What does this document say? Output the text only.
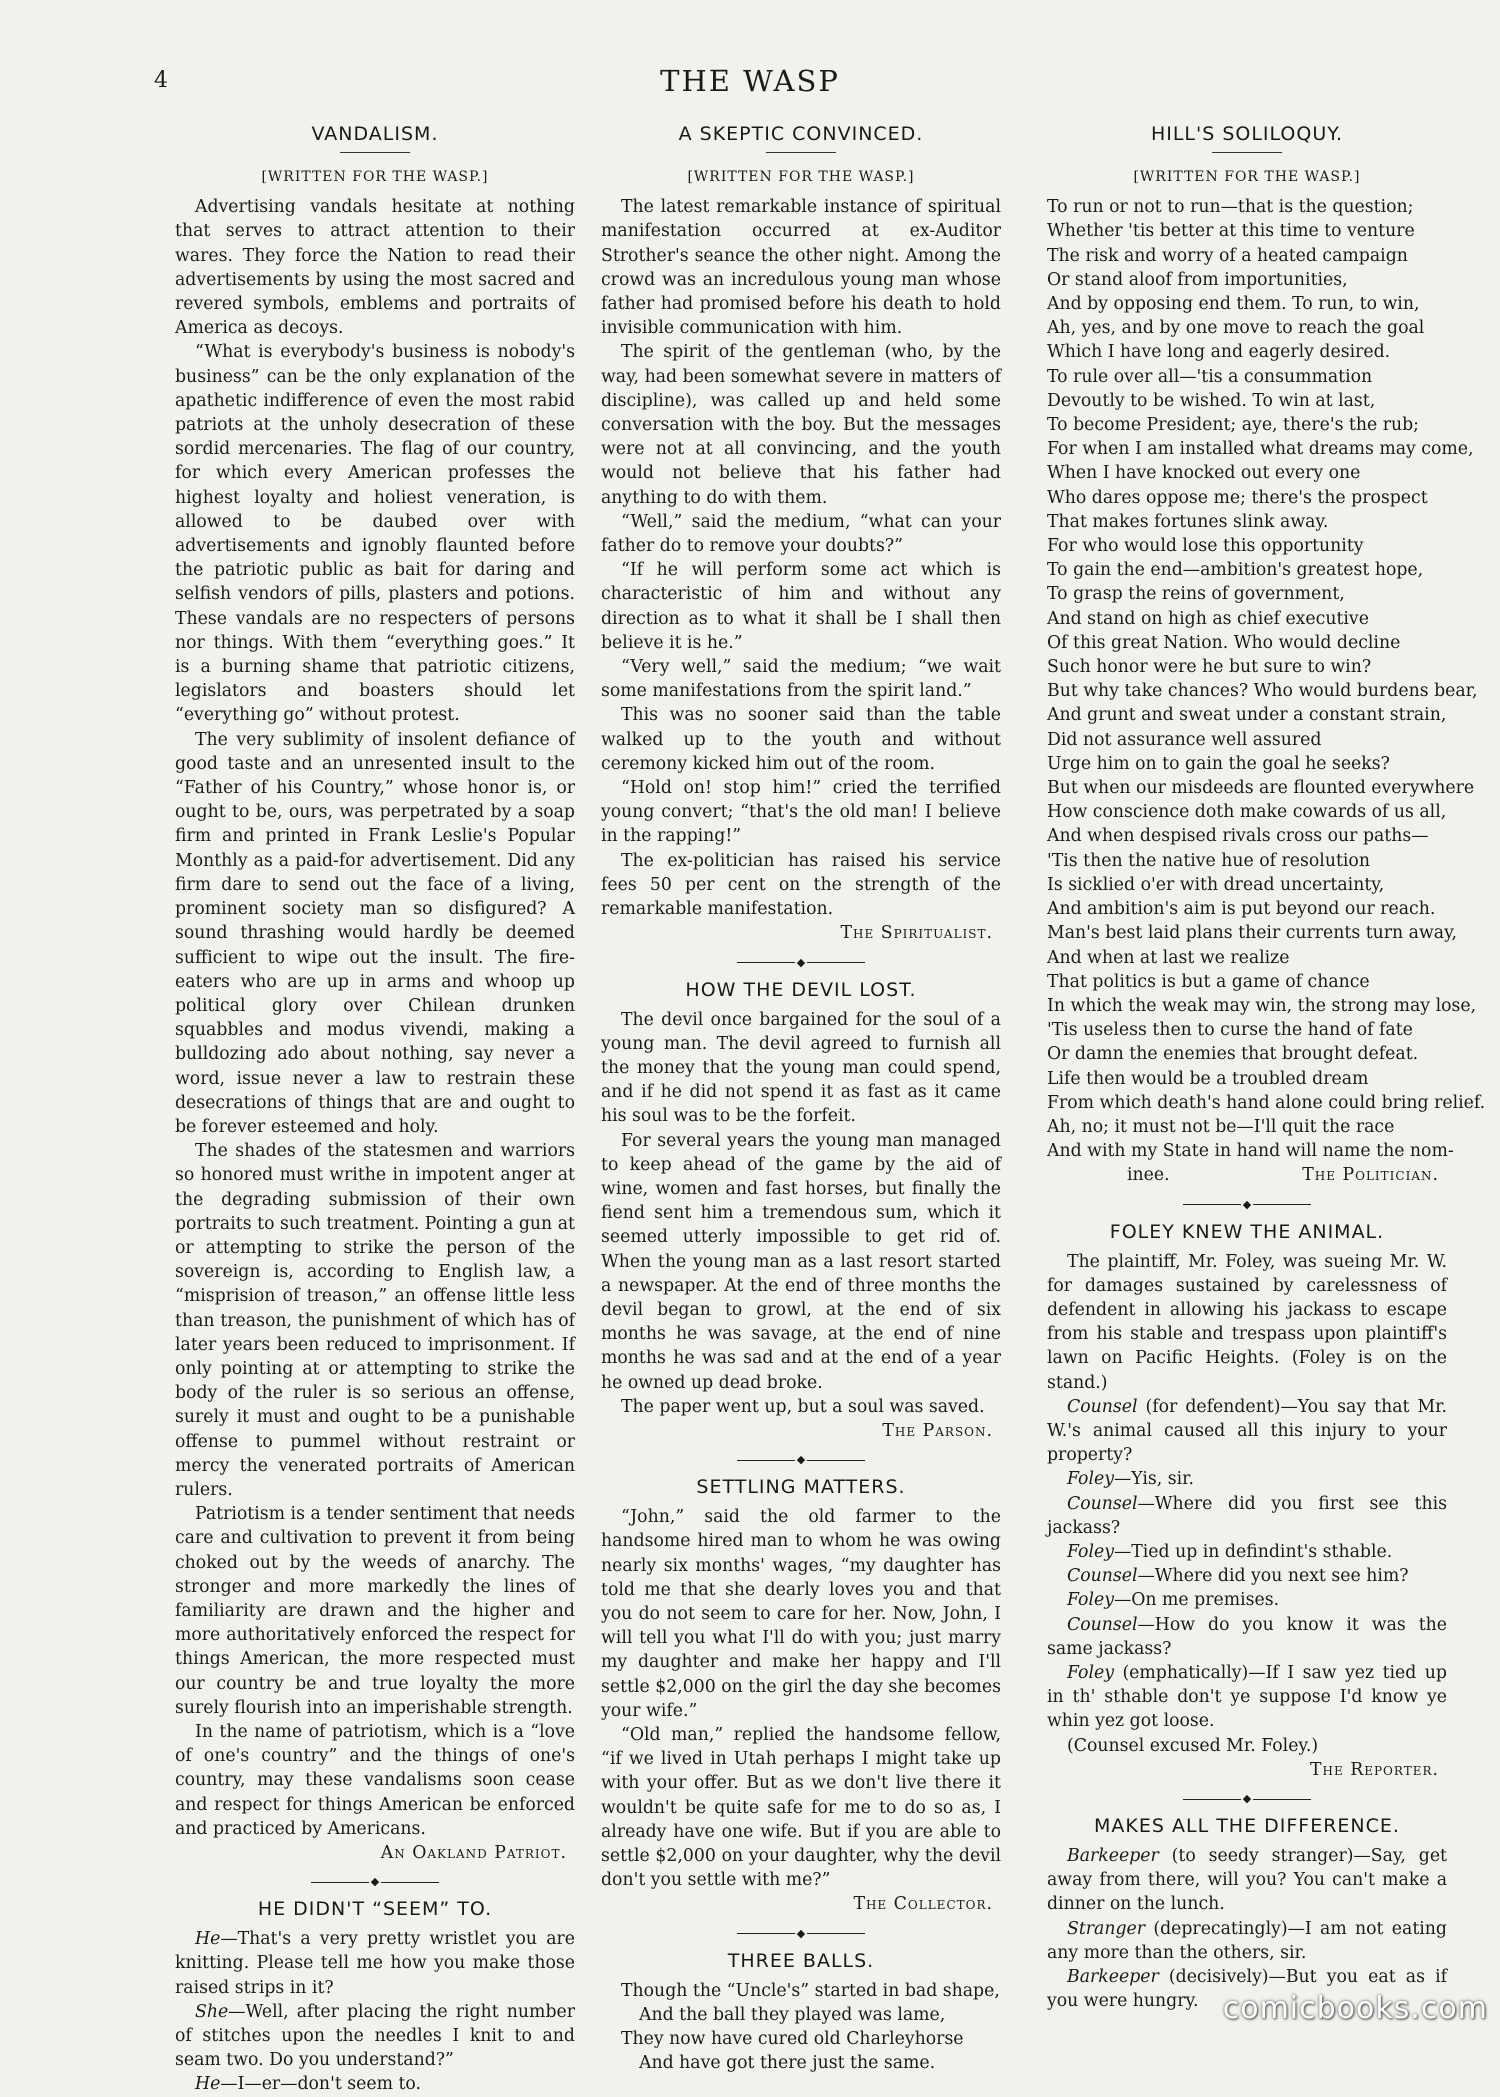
4	THE WASP
VANDALISM.
[WRITTEN FOR THE WASP.]

Advertising vandals hesitate at nothing that serves to attract attention to their wares. They force the Nation to read their advertisements by using the most sacred and revered symbols, emblems and portraits of America as decoys.

“What is everybody's business is nobody's business” can be the only explanation of the apathetic indifference of even the most rabid patriots at the unholy desecration of these sordid mercenaries. The flag of our country, for which every American professes the highest loyalty and holiest veneration, is allowed to be daubed over with advertisements and ignobly flaunted before the patriotic public as bait for daring and selfish vendors of pills, plasters and potions. These vandals are no respecters of persons nor things. With them “everything goes.” It is a burning shame that patriotic citizens, legislators and boasters should let “everything go” without protest.

The very sublimity of insolent defiance of good taste and an unresented insult to the “Father of his Country,” whose honor is, or ought to be, ours, was perpetrated by a soap firm and printed in Frank Leslie's Popular Monthly as a paid-for advertisement. Did any firm dare to send out the face of a living, prominent society man so disfigured? A sound thrashing would hardly be deemed sufficient to wipe out the insult. The fire-eaters who are up in arms and whoop up political glory over Chilean drunken squabbles and modus vivendi, making a bulldozing ado about nothing, say never a word, issue never a law to restrain these desecrations of things that are and ought to be forever esteemed and holy.

The shades of the statesmen and warriors so honored must writhe in impotent anger at the degrading submission of their own portraits to such treatment. Pointing a gun at or attempting to strike the person of the sovereign is, according to English law, a “misprision of treason,” an offense little less than treason, the punishment of which has of later years been reduced to imprisonment. If only pointing at or attempting to strike the body of the ruler is so serious an offense, surely it must and ought to be a punishable offense to pummel without restraint or mercy the venerated portraits of American rulers.

Patriotism is a tender sentiment that needs care and cultivation to prevent it from being choked out by the weeds of anarchy. The stronger and more markedly the lines of familiarity are drawn and the higher and more authoritatively enforced the respect for things American, the more respected must our country be and true loyalty the more surely flourish into an imperishable strength.

In the name of patriotism, which is a “love of one's country” and the things of one's country, may these vandalisms soon cease and respect for things American be enforced and practiced by Americans.

An Oakland Patriot.
◆
HE DIDN'T “SEEM” TO.

He—That's a very pretty wristlet you are knitting. Please tell me how you make those raised strips in it?

She—Well, after placing the right number of stitches upon the needles I knit to and seam two. Do you understand?”

He—I—er—don't seem to.

A SKEPTIC CONVINCED.
[WRITTEN FOR THE WASP.]

The latest remarkable instance of spiritual manifestation occurred at ex-Auditor Strother's seance the other night. Among the crowd was an incredulous young man whose father had promised before his death to hold invisible communication with him.

The spirit of the gentleman (who, by the way, had been somewhat severe in matters of discipline), was called up and held some conversation with the boy. But the messages were not at all convincing, and the youth would not believe that his father had anything to do with them.

“Well,” said the medium, “what can your father do to remove your doubts?”

“If he will perform some act which is characteristic of him and without any direction as to what it shall be I shall then believe it is he.”

“Very well,” said the medium; “we wait some manifestations from the spirit land.”

This was no sooner said than the table walked up to the youth and without ceremony kicked him out of the room.

“Hold on! stop him!” cried the terrified young convert; “that's the old man! I believe in the rapping!”

The ex-politician has raised his service fees 50 per cent on the strength of the remarkable manifestation.

The Spiritualist.
◆
HOW THE DEVIL LOST.

The devil once bargained for the soul of a young man. The devil agreed to furnish all the money that the young man could spend, and if he did not spend it as fast as it came his soul was to be the forfeit.

For several years the young man managed to keep ahead of the game by the aid of wine, women and fast horses, but finally the fiend sent him a tremendous sum, which it seemed utterly impossible to get rid of. When the young man as a last resort started a newspaper. At the end of three months the devil began to growl, at the end of six months he was savage, at the end of nine months he was sad and at the end of a year he owned up dead broke.

The paper went up, but a soul was saved.

The Parson.
◆
SETTLING MATTERS.

“John,” said the old farmer to the handsome hired man to whom he was owing nearly six months' wages, “my daughter has told me that she dearly loves you and that you do not seem to care for her. Now, John, I will tell you what I'll do with you; just marry my daughter and make her happy and I'll settle $2,000 on the girl the day she becomes your wife.”

“Old man,” replied the handsome fellow, “if we lived in Utah perhaps I might take up with your offer. But as we don't live there it wouldn't be quite safe for me to do so as, I already have one wife. But if you are able to settle $2,000 on your daughter, why the devil don't you settle with me?”

The Collector.
◆
THREE BALLS.

Though the “Uncle's” started in bad shape,

And the ball they played was lame,

They now have cured old Charleyhorse

And have got there just the same.

HILL'S SOLILOQUY.
[WRITTEN FOR THE WASP.]

To run or not to run—that is the question;

Whether 'tis better at this time to venture

The risk and worry of a heated campaign

Or stand aloof from importunities,

And by opposing end them. To run, to win,

Ah, yes, and by one move to reach the goal

Which I have long and eagerly desired.

To rule over all—'tis a consummation

Devoutly to be wished. To win at last,

To become President; aye, there's the rub;

For when I am installed what dreams may come,

When I have knocked out every one

Who dares oppose me; there's the prospect

That makes fortunes slink away.

For who would lose this opportunity

To gain the end—ambition's greatest hope,

To grasp the reins of government,

And stand on high as chief executive

Of this great Nation. Who would decline

Such honor were he but sure to win?

But why take chances? Who would burdens bear,

And grunt and sweat under a constant strain,

Did not assurance well assured

Urge him on to gain the goal he seeks?

But when our misdeeds are flounted everywhere

How conscience doth make cowards of us all,

And when despised rivals cross our paths—

'Tis then the native hue of resolution

Is sicklied o'er with dread uncertainty,

And ambition's aim is put beyond our reach.

Man's best laid plans their currents turn away,

And when at last we realize

That politics is but a game of chance

In which the weak may win, the strong may lose,

'Tis useless then to curse the hand of fate

Or damn the enemies that brought defeat.

Life then would be a troubled dream

From which death's hand alone could bring relief.

Ah, no; it must not be—I'll quit the race

And with my State in hand will name the nom-

inee.	The Politician.
◆
FOLEY KNEW THE ANIMAL.

The plaintiff, Mr. Foley, was sueing Mr. W. for damages sustained by carelessness of defendent in allowing his jackass to escape from his stable and trespass upon plaintiff's lawn on Pacific Heights. (Foley is on the stand.)

Counsel (for defendent)—You say that Mr. W.'s animal caused all this injury to your property?

Foley—Yis, sir.

Counsel—Where did you first see this jackass?

Foley—Tied up in defindint's sthable.

Counsel—Where did you next see him?

Foley—On me premises.

Counsel—How do you know it was the same jackass?

Foley (emphatically)—If I saw yez tied up in th' sthable don't ye suppose I'd know ye whin yez got loose.

(Counsel excused Mr. Foley.)

The Reporter.
◆
MAKES ALL THE DIFFERENCE.

Barkeeper (to seedy stranger)—Say, get away from there, will you? You can't make a dinner on the lunch.

Stranger (deprecatingly)—I am not eating any more than the others, sir.

Barkeeper (decisively)—But you eat as if you were hungry. comicbooks.com
